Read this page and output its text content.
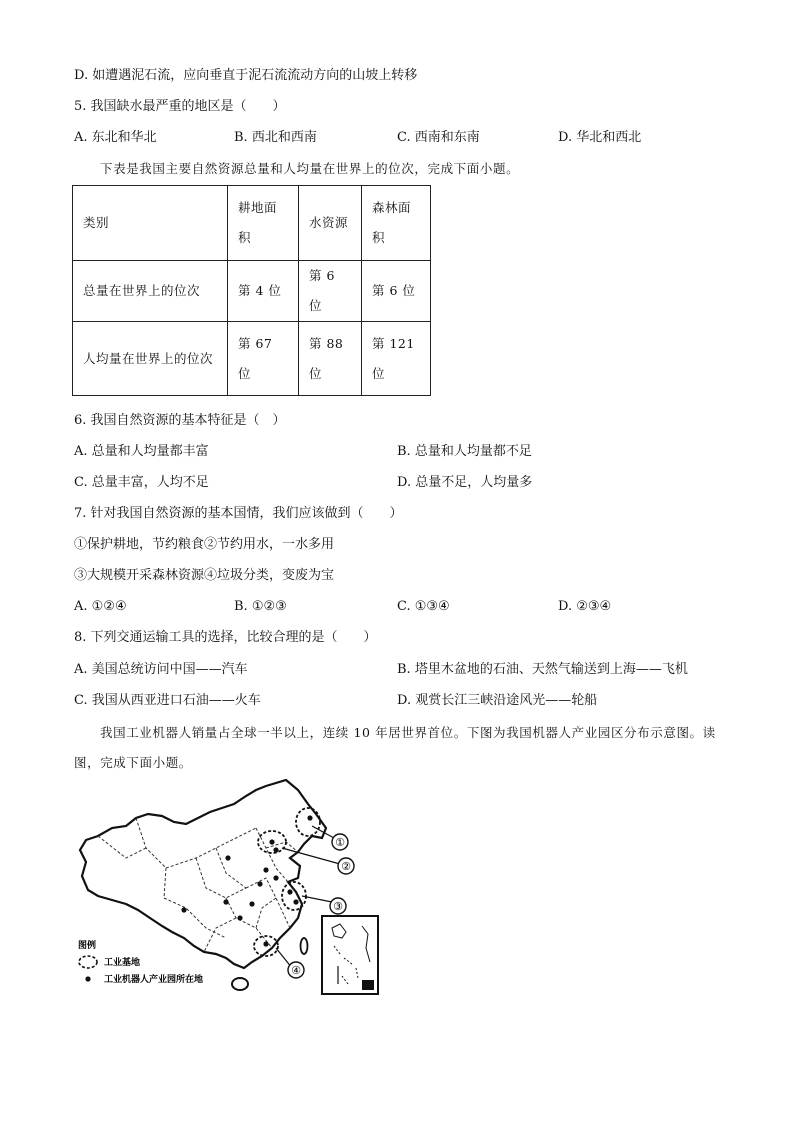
D. 如遭遇泥石流，应向垂直于泥石流流动方向的山坡上转移
5. 我国缺水最严重的地区是（　　）
A. 东北和华北	B. 西北和西南	C. 西南和东南	D. 华北和西北
下表是我国主要自然资源总量和人均量在世界上的位次，完成下面小题。
类别	耕地面积	水资源	森林面积
总量在世界上的位次	第 4 位	第 6 位	第 6 位
人均量在世界上的位次	第 67 位	第 88 位	第 121 位
6. 我国自然资源的基本特征是（　）
A. 总量和人均量都丰富	B. 总量和人均量都不足
C. 总量丰富，人均不足	D. 总量不足，人均量多
7. 针对我国自然资源的基本国情，我们应该做到（　　）
①保护耕地，节约粮食②节约用水，一水多用
③大规模开采森林资源④垃圾分类，变废为宝
A. ①②④	B. ①②③	C. ①③④	D. ②③④
8. 下列交通运输工具的选择，比较合理的是（　　）
A. 美国总统访问中国——汽车	B. 塔里木盆地的石油、天然气输送到上海——飞机
C. 我国从西亚进口石油——火车	D. 观赏长江三峡沿途风光——轮船
我国工业机器人销量占全球一半以上，连续 10 年居世界首位。下图为我国机器人产业园区分布示意图。读图，完成下面小题。
①
②
③
④
图例
工业基地
工业机器人产业园所在地
